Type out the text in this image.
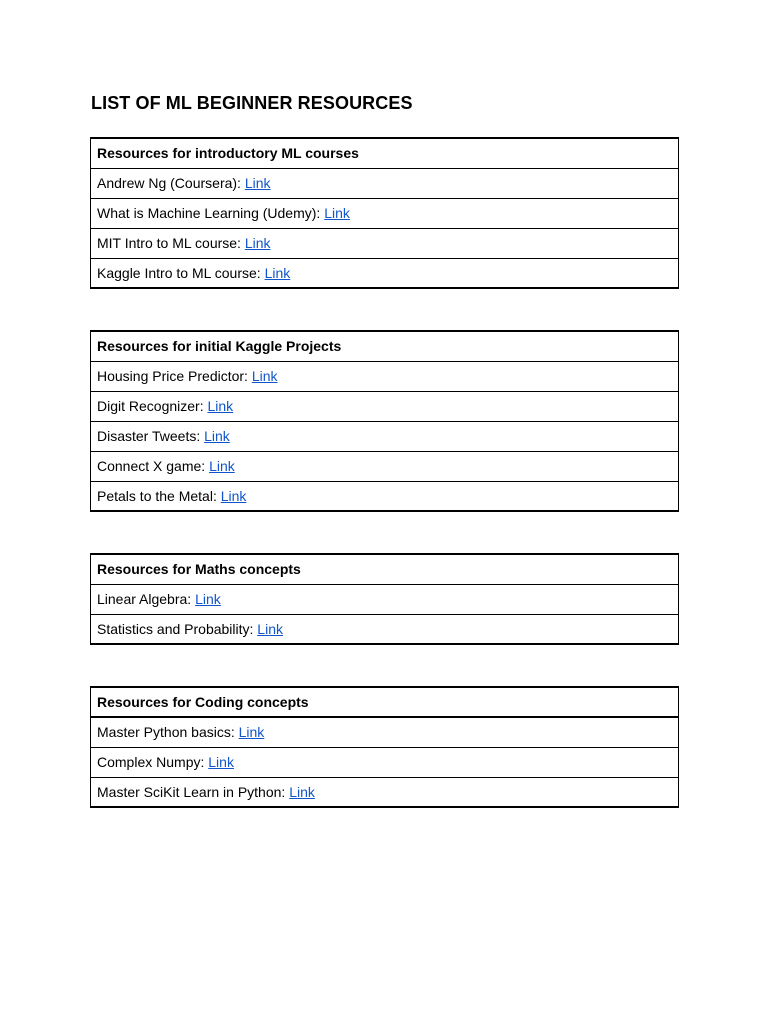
LIST OF ML BEGINNER RESOURCES
Resources for introductory ML courses
Andrew Ng (Coursera): Link
What is Machine Learning (Udemy): Link
MIT Intro to ML course: Link
Kaggle Intro to ML course: Link
Resources for initial Kaggle Projects
Housing Price Predictor: Link
Digit Recognizer: Link
Disaster Tweets: Link
Connect X game: Link
Petals to the Metal: Link
Resources for Maths concepts
Linear Algebra: Link
Statistics and Probability: Link
Resources for Coding concepts
Master Python basics: Link
Complex Numpy: Link
Master SciKit Learn in Python: Link
